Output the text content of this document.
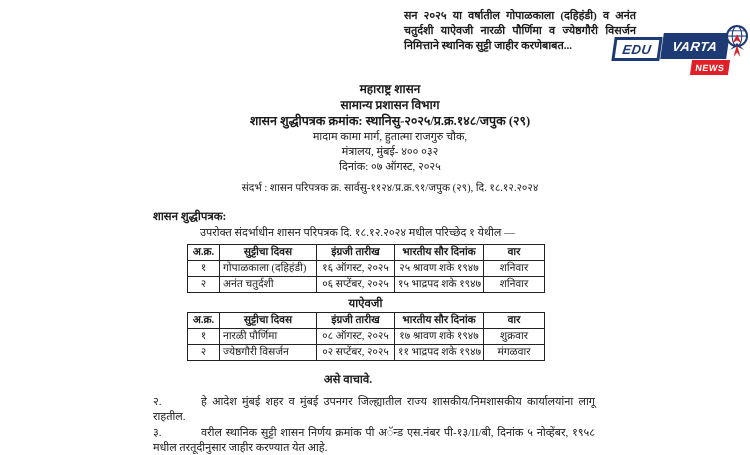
सन २०२५ या वर्षातील गोपाळकाला (दहिहंडी) व अनंत चतुर्दशी याऐवजी नारळी पौर्णिमा व ज्येष्ठगौरी विसर्जन निमित्ताने स्थानिक सुट्टी जाहीर करणेबाबत...	EDU	VARTA
NEWS
महाराष्ट्र शासन
सामान्य प्रशासन विभाग
शासन शुद्धीपत्रक क्रमांक: स्थानिसु-२०२५/प्र.क्र.१४८/जपुक (२९)
मादाम कामा मार्ग, हुतात्मा राजगुरु चौक,
मंत्रालय, मुंबई- ४०० ०३२
दिनांक: ०७ ऑगस्ट, २०२५
संदर्भ : शासन परिपत्रक क्र. सार्वसु-११२४/प्र.क्र.९१/जपुक (२९), दि. १८.१२.२०२४
शासन शुद्धीपत्रक:
उपरोक्त संदर्भाधीन शासन परिपत्रक दि. १८.१२.२०२४ मधील परिच्छेद १ येथील —
अ.क्र.	सुट्टीचा दिवस	इंग्रजी तारीख	भारतीय सौर दिनांक	वार
१	गोपाळकाला (दहिहंडी)	१६ ऑगस्ट, २०२५	२५ श्रावण शके १९४७	शनिवार
२	अनंत चतुर्दशी	०६ सप्टेंबर, २०२५	१५ भाद्रपद शके १९४७	शनिवार
याऐवजी
अ.क्र.	सुट्टीचा दिवस	इंग्रजी तारीख	भारतीय सौर दिनांक	वार
१	नारळी पौर्णिमा	०८ ऑगस्ट, २०२५	१७ श्रावण शके १९४७	शुक्रवार
२	ज्येष्ठगौरी विसर्जन	०२ सप्टेंबर, २०२५	११ भाद्रपद शके १९४७	मंगळवार
असे वाचावे.
२.	हे आदेश मुंबई शहर व मुंबई उपनगर जिल्ह्यातील राज्य शासकीय/निमशासकीय कार्यालयांना लागू राहतील.
३.	वरील स्थानिक सुट्टी शासन निर्णय क्रमांक पी अॅन्ड एस.नंबर पी-१३/II/बी, दिनांक ५ नोव्हेंबर, १९५८ मधील तरतूदीनुसार जाहीर करण्यात येत आहे.
